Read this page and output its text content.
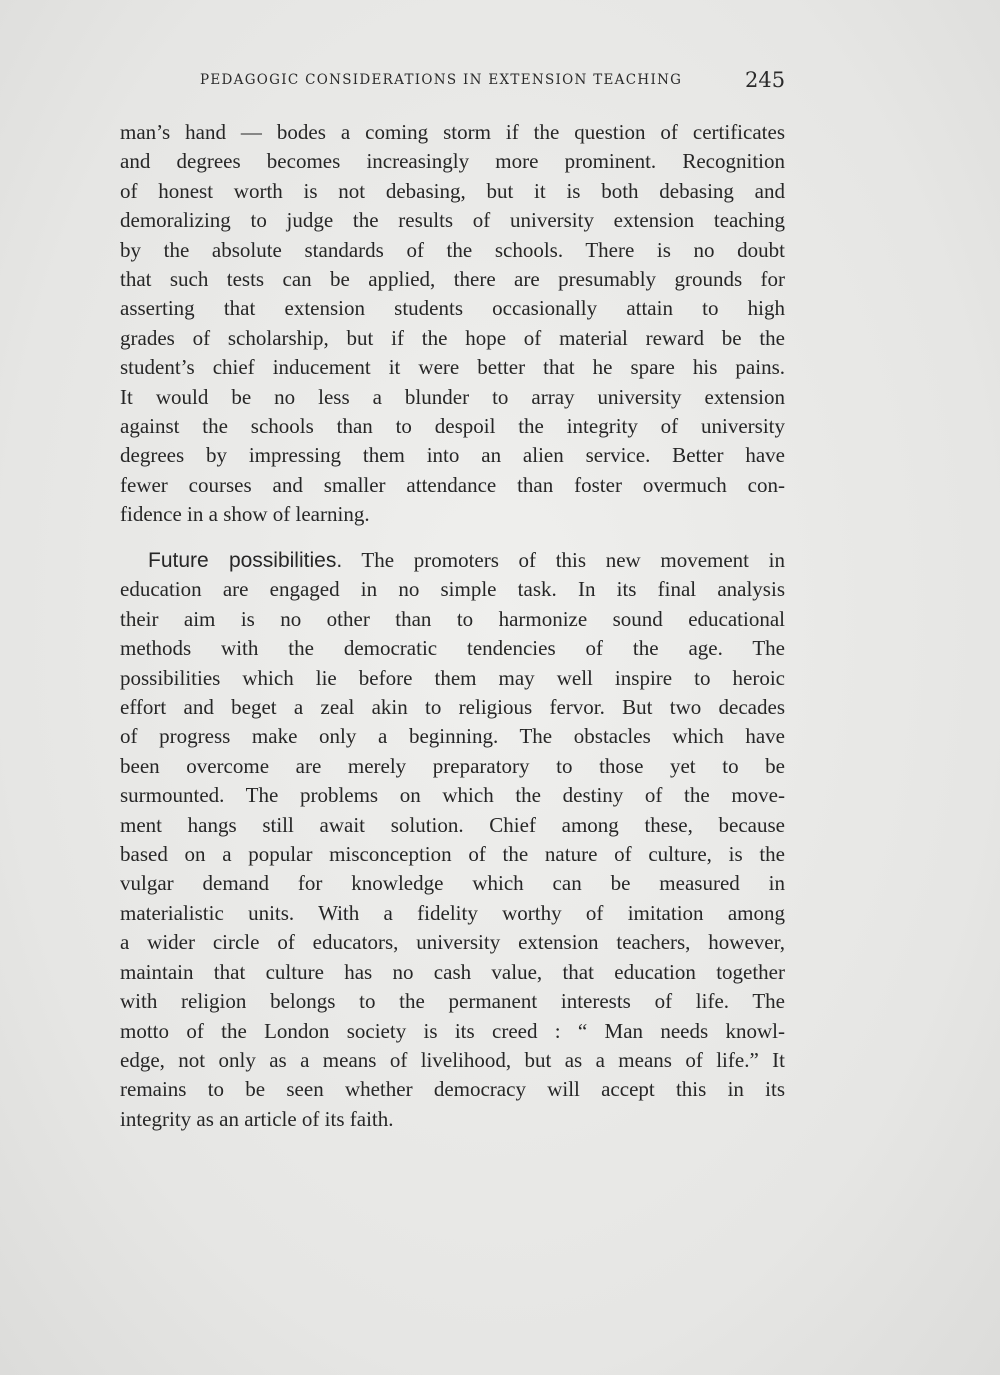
PEDAGOGIC CONSIDERATIONS IN EXTENSION TEACHING	245
man’s hand — bodes a coming storm if the question of certificates
and degrees becomes increasingly more prominent. Recognition
of honest worth is not debasing, but it is both debasing and
demoralizing to judge the results of university extension teaching
by the absolute standards of the schools. There is no doubt
that such tests can be applied, there are presumably grounds for
asserting that extension students occasionally attain to high
grades of scholarship, but if the hope of material reward be the
student’s chief inducement it were better that he spare his pains.
It would be no less a blunder to array university extension
against the schools than to despoil the integrity of university
degrees by impressing them into an alien service. Better have
fewer courses and smaller attendance than foster overmuch con-
fidence in a show of learning.
Future possibilities. The promoters of this new movement in
education are engaged in no simple task. In its final analysis
their aim is no other than to harmonize sound educational
methods with the democratic tendencies of the age. The
possibilities which lie before them may well inspire to heroic
effort and beget a zeal akin to religious fervor. But two decades
of progress make only a beginning. The obstacles which have
been overcome are merely preparatory to those yet to be
surmounted. The problems on which the destiny of the move-
ment hangs still await solution. Chief among these, because
based on a popular misconception of the nature of culture, is the
vulgar demand for knowledge which can be measured in
materialistic units. With a fidelity worthy of imitation among
a wider circle of educators, university extension teachers, however,
maintain that culture has no cash value, that education together
with religion belongs to the permanent interests of life. The
motto of the London society is its creed : “ Man needs knowl-
edge, not only as a means of livelihood, but as a means of life.” It
remains to be seen whether democracy will accept this in its
integrity as an article of its faith.
